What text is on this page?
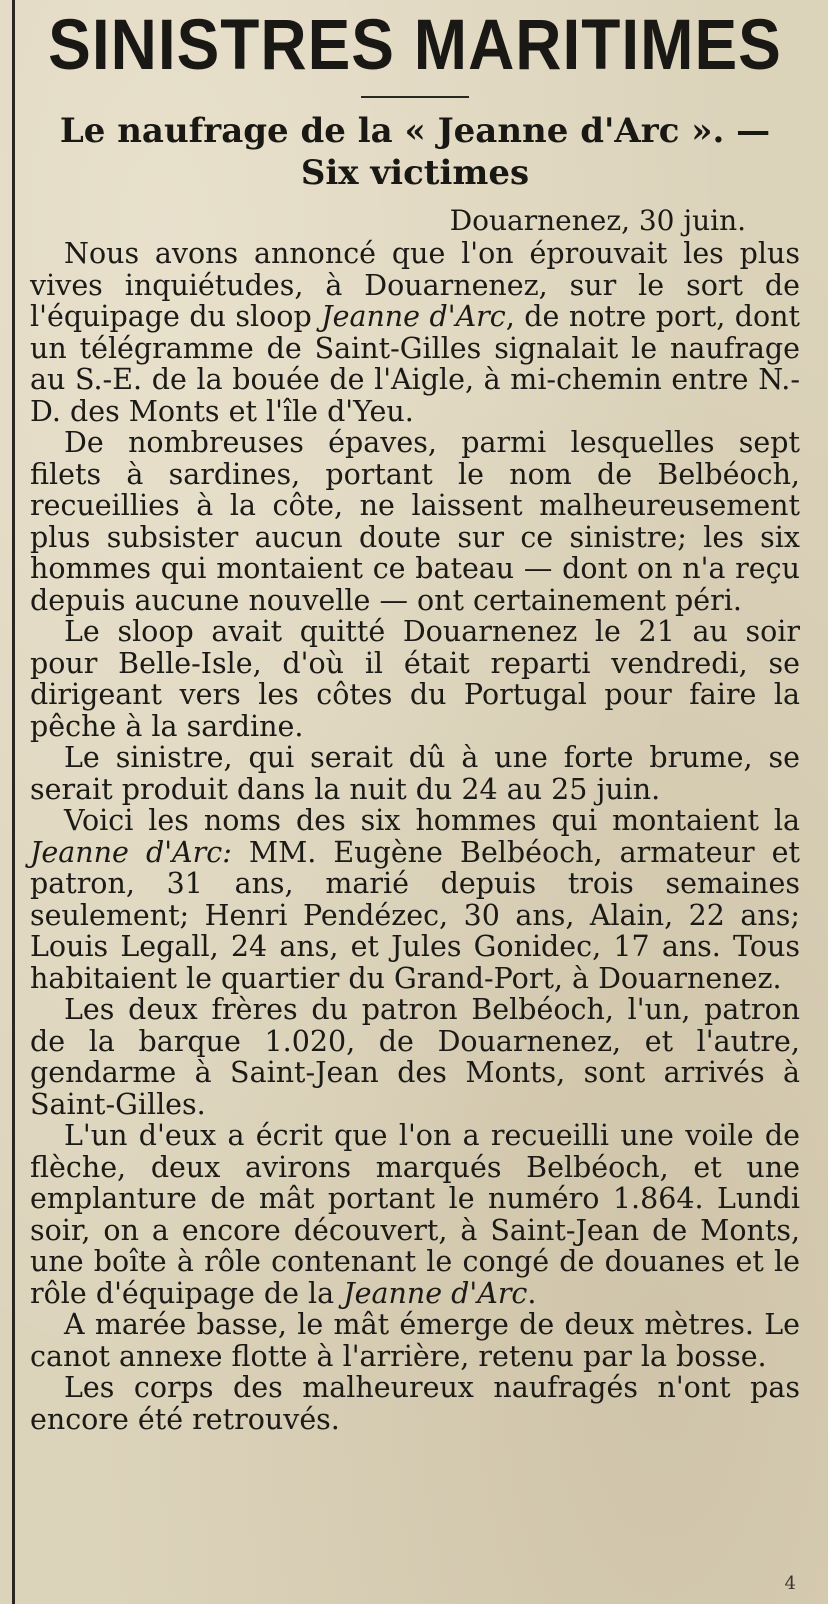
SINISTRES MARITIMES
Le naufrage de la « Jeanne d'Arc ». — Six victimes
Douarnenez, 30 juin.

Nous avons annoncé que l'on éprouvait les plus vives inquiétudes, à Douarnenez, sur le sort de l'équipage du sloop Jeanne d'Arc, de notre port, dont un télégramme de Saint-Gilles signalait le naufrage au S.-E. de la bouée de l'Aigle, à mi-chemin entre N.-D. des Monts et l'île d'Yeu.

De nombreuses épaves, parmi lesquelles sept filets à sardines, portant le nom de Belbéoch, recueillies à la côte, ne laissent malheureusement plus subsister aucun doute sur ce sinistre; les six hommes qui montaient ce bateau — dont on n'a reçu depuis aucune nouvelle — ont certainement péri.

Le sloop avait quitté Douarnenez le 21 au soir pour Belle-Isle, d'où il était reparti vendredi, se dirigeant vers les côtes du Portugal pour faire la pêche à la sardine.

Le sinistre, qui serait dû à une forte brume, se serait produit dans la nuit du 24 au 25 juin.

Voici les noms des six hommes qui montaient la Jeanne d'Arc: MM. Eugène Belbéoch, armateur et patron, 31 ans, marié depuis trois semaines seulement; Henri Pendézec, 30 ans, Alain, 22 ans; Louis Legall, 24 ans, et Jules Gonidec, 17 ans. Tous habitaient le quartier du Grand-Port, à Douarnenez.

Les deux frères du patron Belbéoch, l'un, patron de la barque 1.020, de Douarnenez, et l'autre, gendarme à Saint-Jean des Monts, sont arrivés à Saint-Gilles.

L'un d'eux a écrit que l'on a recueilli une voile de flèche, deux avirons marqués Belbéoch, et une emplanture de mât portant le numéro 1.864. Lundi soir, on a encore découvert, à Saint-Jean de Monts, une boîte à rôle contenant le congé de douanes et le rôle d'équipage de la Jeanne d'Arc.

A marée basse, le mât émerge de deux mètres. Le canot annexe flotte à l'arrière, retenu par la bosse.

Les corps des malheureux naufragés n'ont pas encore été retrouvés.

4
